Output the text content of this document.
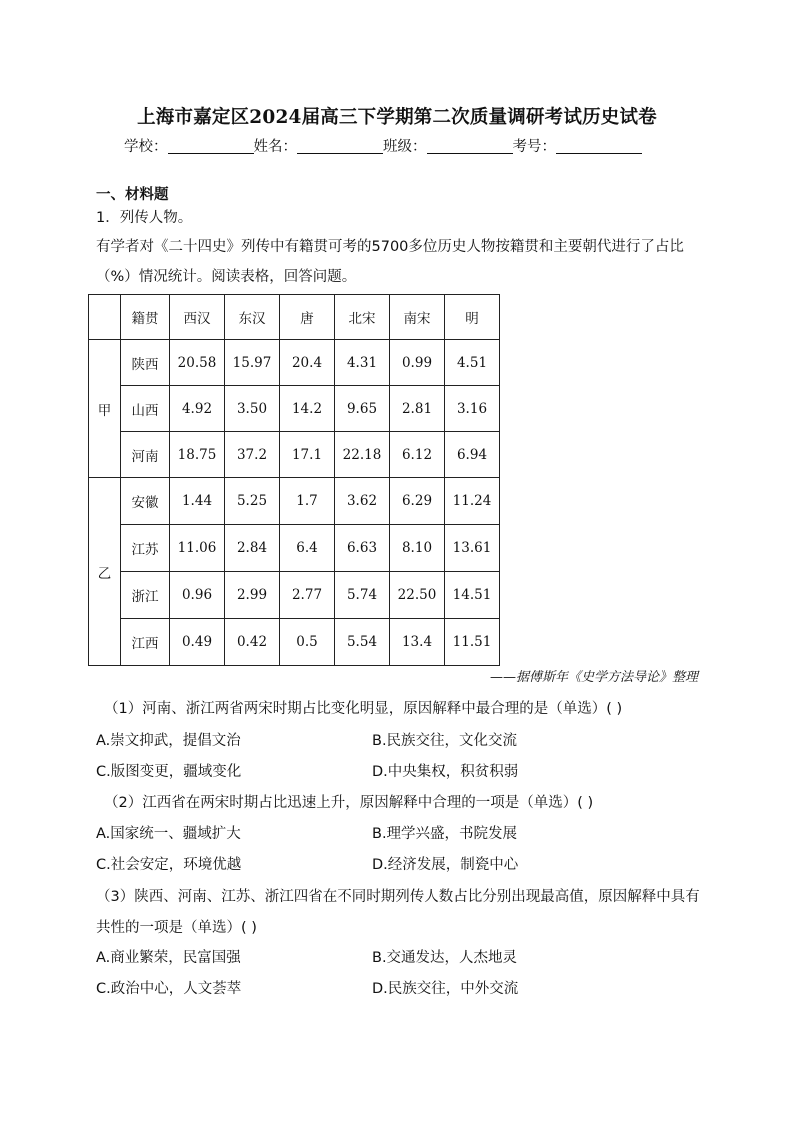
上海市嘉定区2024届高三下学期第二次质量调研考试历史试卷
学校：	姓名：	班级：	考号：
一、材料题
1．列传人物。
有学者对《二十四史》列传中有籍贯可考的5700多位历史人物按籍贯和主要朝代进行了占比（%）情况统计。阅读表格，回答问题。
	籍贯	西汉	东汉	唐	北宋	南宋	明
甲	陕西	20.58	15.97	20.4	4.31	0.99	4.51
	山西	4.92	3.50	14.2	9.65	2.81	3.16
	河南	18.75	37.2	17.1	22.18	6.12	6.94
乙	安徽	1.44	5.25	1.7	3.62	6.29	11.24
	江苏	11.06	2.84	6.4	6.63	8.10	13.61
	浙江	0.96	2.99	2.77	5.74	22.50	14.51
	江西	0.49	0.42	0.5	5.54	13.4	11.51
——据傅斯年《史学方法导论》整理
（1）河南、浙江两省两宋时期占比变化明显，原因解释中最合理的是（单选）( )
A.崇文抑武，提倡文治	B.民族交往，文化交流
C.版图变更，疆域变化	D.中央集权，积贫积弱
（2）江西省在两宋时期占比迅速上升，原因解释中合理的一项是（单选）( )
A.国家统一、疆域扩大	B.理学兴盛，书院发展
C.社会安定，环境优越	D.经济发展，制瓷中心
（3）陕西、河南、江苏、浙江四省在不同时期列传人数占比分别出现最高值，原因解释中具有共性的一项是（单选）( )
A.商业繁荣，民富国强	B.交通发达，人杰地灵
C.政治中心，人文荟萃	D.民族交往，中外交流
